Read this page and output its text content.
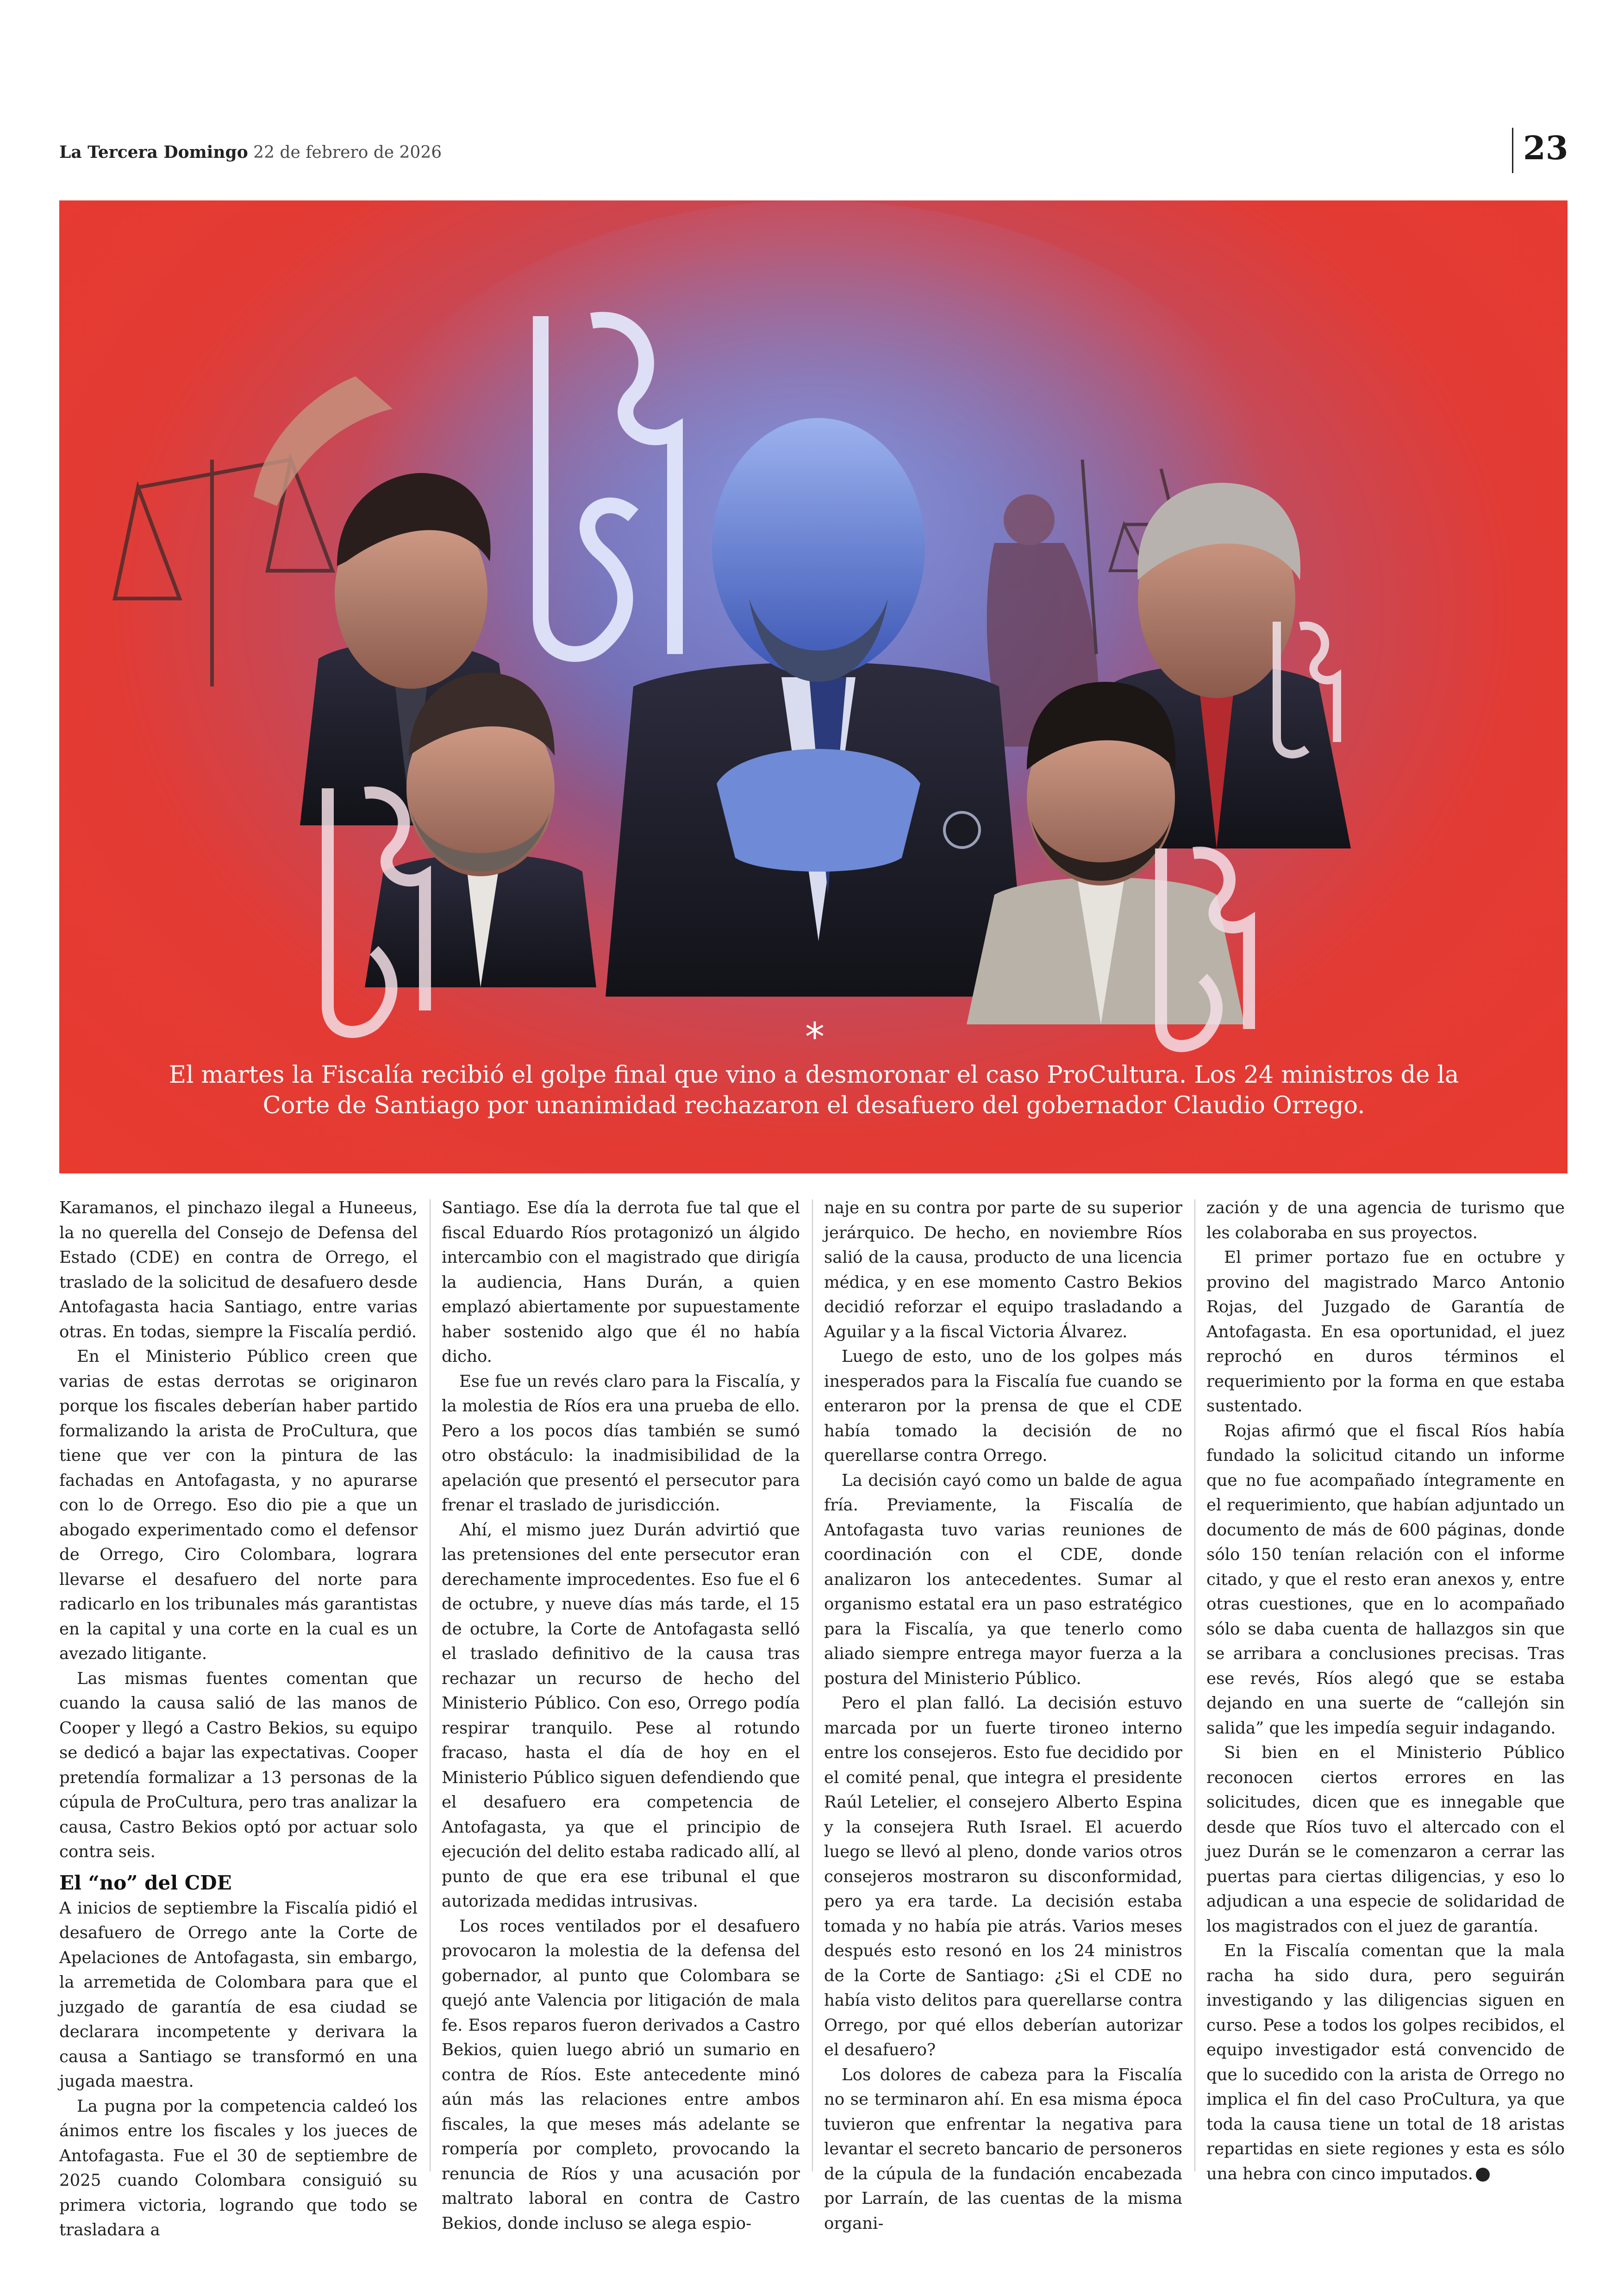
La Tercera Domingo 22 de febrero de 2026	23
*
El martes la Fiscalía recibió el golpe final que vino a desmoronar el caso ProCultura. Los 24 ministros de la Corte de Santiago por unanimidad rechazaron el desafuero del gobernador Claudio Orrego.

Karamanos, el pinchazo ilegal a Huneeus, la no querella del Consejo de Defensa del Estado (CDE) en contra de Orrego, el traslado de la solicitud de desafuero desde Antofagasta hacia Santiago, entre varias otras. En todas, siempre la Fiscalía perdió.

En el Ministerio Público creen que varias de estas derrotas se originaron porque los fiscales deberían haber partido formalizando la arista de ProCultura, que tiene que ver con la pintura de las fachadas en Antofagasta, y no apurarse con lo de Orrego. Eso dio pie a que un abogado experimentado como el defensor de Orrego, Ciro Colombara, lograra llevarse el desafuero del norte para radicarlo en los tribunales más garantistas en la capital y una corte en la cual es un avezado litigante.

Las mismas fuentes comentan que cuando la causa salió de las manos de Cooper y llegó a Castro Bekios, su equipo se dedicó a bajar las expectativas. Cooper pretendía formalizar a 13 personas de la cúpula de ProCultura, pero tras analizar la causa, Castro Bekios optó por actuar solo contra seis.

El “no” del CDE

A inicios de septiembre la Fiscalía pidió el desafuero de Orrego ante la Corte de Apelaciones de Antofagasta, sin embargo, la arremetida de Colombara para que el juzgado de garantía de esa ciudad se declarara incompetente y derivara la causa a Santiago se transformó en una jugada maestra.

La pugna por la competencia caldeó los ánimos entre los fiscales y los jueces de Antofagasta. Fue el 30 de septiembre de 2025 cuando Colombara consiguió su primera victoria, logrando que todo se trasladara a

Santiago. Ese día la derrota fue tal que el fiscal Eduardo Ríos protagonizó un álgido intercambio con el magistrado que dirigía la audiencia, Hans Durán, a quien emplazó abiertamente por supuestamente haber sostenido algo que él no había dicho.

Ese fue un revés claro para la Fiscalía, y la molestia de Ríos era una prueba de ello. Pero a los pocos días también se sumó otro obstáculo: la inadmisibilidad de la apelación que presentó el persecutor para frenar el traslado de jurisdicción.

Ahí, el mismo juez Durán advirtió que las pretensiones del ente persecutor eran derechamente improcedentes. Eso fue el 6 de octubre, y nueve días más tarde, el 15 de octubre, la Corte de Antofagasta selló el traslado definitivo de la causa tras rechazar un recurso de hecho del Ministerio Público. Con eso, Orrego podía respirar tranquilo. Pese al rotundo fracaso, hasta el día de hoy en el Ministerio Público siguen defendiendo que el desafuero era competencia de Antofagasta, ya que el principio de ejecución del delito estaba radicado allí, al punto de que era ese tribunal el que autorizada medidas intrusivas.

Los roces ventilados por el desafuero provocaron la molestia de la defensa del gobernador, al punto que Colombara se quejó ante Valencia por litigación de mala fe. Esos reparos fueron derivados a Castro Bekios, quien luego abrió un sumario en contra de Ríos. Este antecedente minó aún más las relaciones entre ambos fiscales, la que meses más adelante se rompería por completo, provocando la renuncia de Ríos y una acusación por maltrato laboral en contra de Castro Bekios, donde incluso se alega espio-

naje en su contra por parte de su superior jerárquico. De hecho, en noviembre Ríos salió de la causa, producto de una licencia médica, y en ese momento Castro Bekios decidió reforzar el equipo trasladando a Aguilar y a la fiscal Victoria Álvarez.

Luego de esto, uno de los golpes más inesperados para la Fiscalía fue cuando se enteraron por la prensa de que el CDE había tomado la decisión de no querellarse contra Orrego.

La decisión cayó como un balde de agua fría. Previamente, la Fiscalía de Antofagasta tuvo varias reuniones de coordinación con el CDE, donde analizaron los antecedentes. Sumar al organismo estatal era un paso estratégico para la Fiscalía, ya que tenerlo como aliado siempre entrega mayor fuerza a la postura del Ministerio Público.

Pero el plan falló. La decisión estuvo marcada por un fuerte tironeo interno entre los consejeros. Esto fue decidido por el comité penal, que integra el presidente Raúl Letelier, el consejero Alberto Espina y la consejera Ruth Israel. El acuerdo luego se llevó al pleno, donde varios otros consejeros mostraron su disconformidad, pero ya era tarde. La decisión estaba tomada y no había pie atrás. Varios meses después esto resonó en los 24 ministros de la Corte de Santiago: ¿Si el CDE no había visto delitos para querellarse contra Orrego, por qué ellos deberían autorizar el desafuero?

Los dolores de cabeza para la Fiscalía no se terminaron ahí. En esa misma época tuvieron que enfrentar la negativa para levantar el secreto bancario de personeros de la cúpula de la fundación encabezada por Larraín, de las cuentas de la misma organi-

zación y de una agencia de turismo que les colaboraba en sus proyectos.

El primer portazo fue en octubre y provino del magistrado Marco Antonio Rojas, del Juzgado de Garantía de Antofagasta. En esa oportunidad, el juez reprochó en duros términos el requerimiento por la forma en que estaba sustentado.

Rojas afirmó que el fiscal Ríos había fundado la solicitud citando un informe que no fue acompañado íntegramente en el requerimiento, que habían adjuntado un documento de más de 600 páginas, donde sólo 150 tenían relación con el informe citado, y que el resto eran anexos y, entre otras cuestiones, que en lo acompañado sólo se daba cuenta de hallazgos sin que se arribara a conclusiones precisas. Tras ese revés, Ríos alegó que se estaba dejando en una suerte de “callejón sin salida” que les impedía seguir indagando.

Si bien en el Ministerio Público reconocen ciertos errores en las solicitudes, dicen que es innegable que desde que Ríos tuvo el altercado con el juez Durán se le comenzaron a cerrar las puertas para ciertas diligencias, y eso lo adjudican a una especie de solidaridad de los magistrados con el juez de garantía.

En la Fiscalía comentan que la mala racha ha sido dura, pero seguirán investigando y las diligencias siguen en curso. Pese a todos los golpes recibidos, el equipo investigador está convencido de que lo sucedido con la arista de Orrego no implica el fin del caso ProCultura, ya que toda la causa tiene un total de 18 aristas repartidas en siete regiones y esta es sólo una hebra con cinco imputados. ◆
